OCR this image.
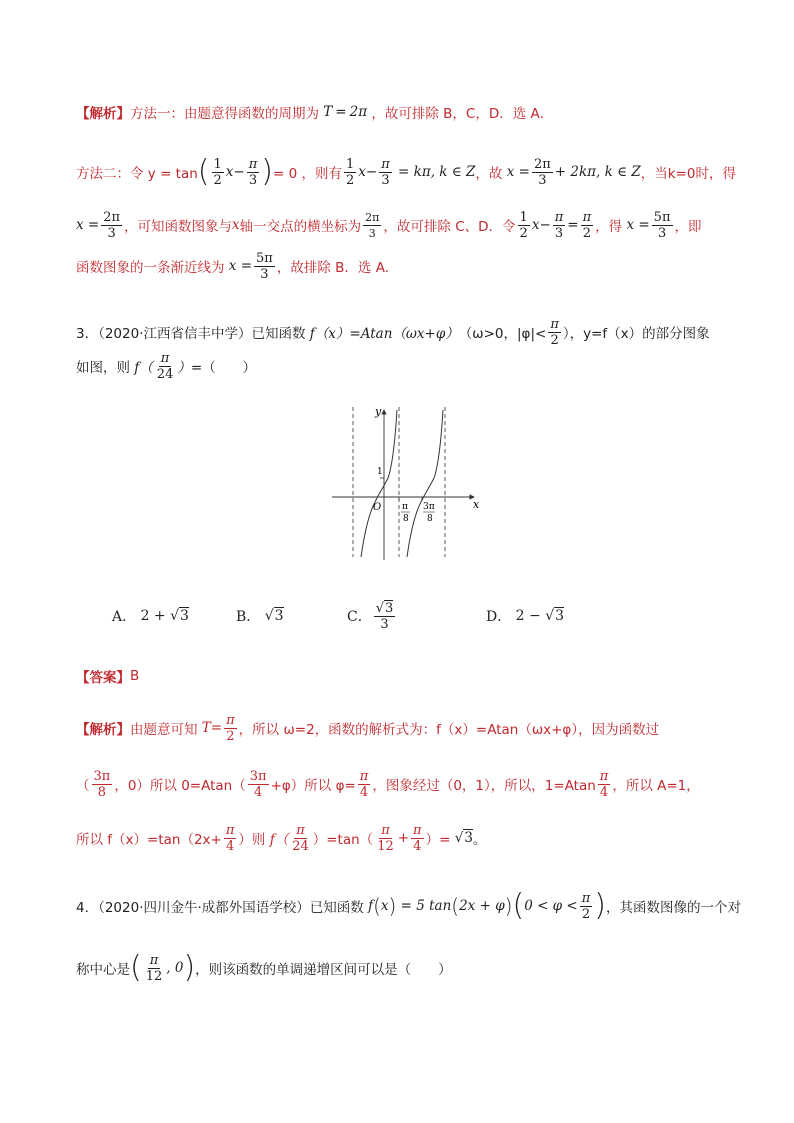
【解析】 方法一：由题意得函数的周期为 T = 2π
，故可排除 B，C，D．选 A．
方法二：令 y = tan ( $\frac{1}{2}$ $x - \frac{\pi}{3}$ ) = 0 ，则有 $\frac{1}{2}$ $x - \frac{\pi}{3} = k\pi$, k ∈ Z ，故 $x = \frac{2\pi}{3} + 2k\pi$, k ∈ Z ，当 k=0时 ，得
$x = \frac{2\pi}{3}$ ，可知函数图象与 x 轴一交点的横坐标为 $\frac{2\pi}{3}$ ，故可排除 C、D．令 $\frac{1}{2}$ $x - \frac{\pi}{3} = \frac{\pi}{2}$ ，得 $x = \frac{5\pi}{3}$ ，即
函数图象的一条渐近线为 $x = \frac{5\pi}{3}$ ，故排除 B．选 A．
3．（2020·江西省信丰中学）已知函数 f（x）=Atan（ωx+φ） （ω>0，$|\varphi|< \frac{\pi}{2}$ ），y=f（x）的部分图象
如图，则 $f( \frac{\pi}{24}$ ） =（　　）
y
x
O
1
π
8
3π
8
A． 2 + √ 3	B． √ 3	C． $\frac{√3}{3}$	D． 2 − √ 3
【答案】 B
【解析】 由题意可知 $T= \frac{\pi}{2}$ ，所以 ω=2，函数的解析式为：f（x）=Atan（ωx+φ），因为函数过
（ $\frac{3\pi}{8}$ ，0）所以 $0=Atan( \frac{3\pi}{4} +\varphi)$所以 $\varphi= \frac{\pi}{4}$ ，图象经过（0，1），所以，$1=Atan \frac{\pi}{4}$ ，所以 A=1，
所以 $f(x)=\tan(2x+ \frac{\pi}{4}$ ）则 $f( \frac{\pi}{24}$ ） $=\tan( \frac{\pi}{12} + \frac{\pi}{4}$ ）= √3 。
4．（2020·四川金牛·成都外国语学校）已知函数 f ( x ) = 5 tan ( 2x + φ ) ( $0 < \varphi < \frac{\pi}{2}$ ) ，其函数图像的一个对
称中心是 ( $\frac{\pi}{12}$ , 0 ) ，则该函数的单调递增区间可以是（　　）
